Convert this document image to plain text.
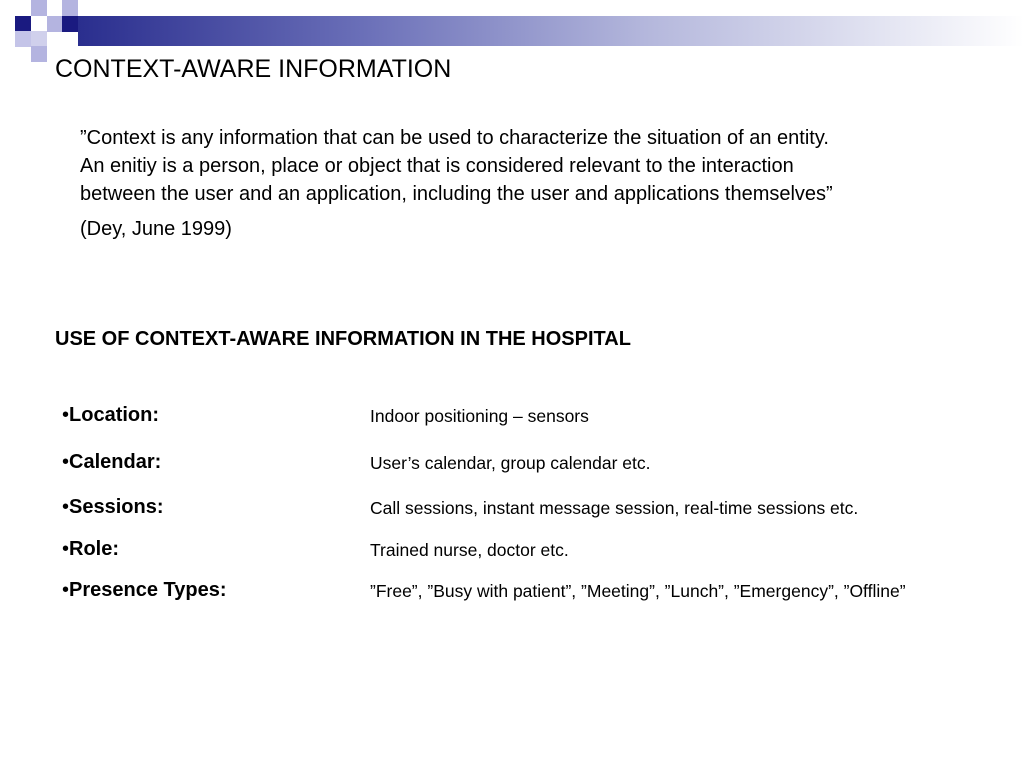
CONTEXT-AWARE INFORMATION

”Context is any information that can be used to characterize the situation of an entity.

An enitiy is a person, place or object that is considered relevant to the interaction

between the user and an application, including the user and applications themselves”

(Dey, June 1999)

USE OF CONTEXT-AWARE INFORMATION IN THE HOSPITAL
•Location:	Indoor positioning – sensors
•Calendar:	User’s calendar, group calendar etc.
•Sessions:	Call sessions, instant message session, real-time sessions etc.
•Role:	Trained nurse, doctor etc.
•Presence Types:	”Free”, ”Busy with patient”, ”Meeting”, ”Lunch”, ”Emergency”, ”Offline”
